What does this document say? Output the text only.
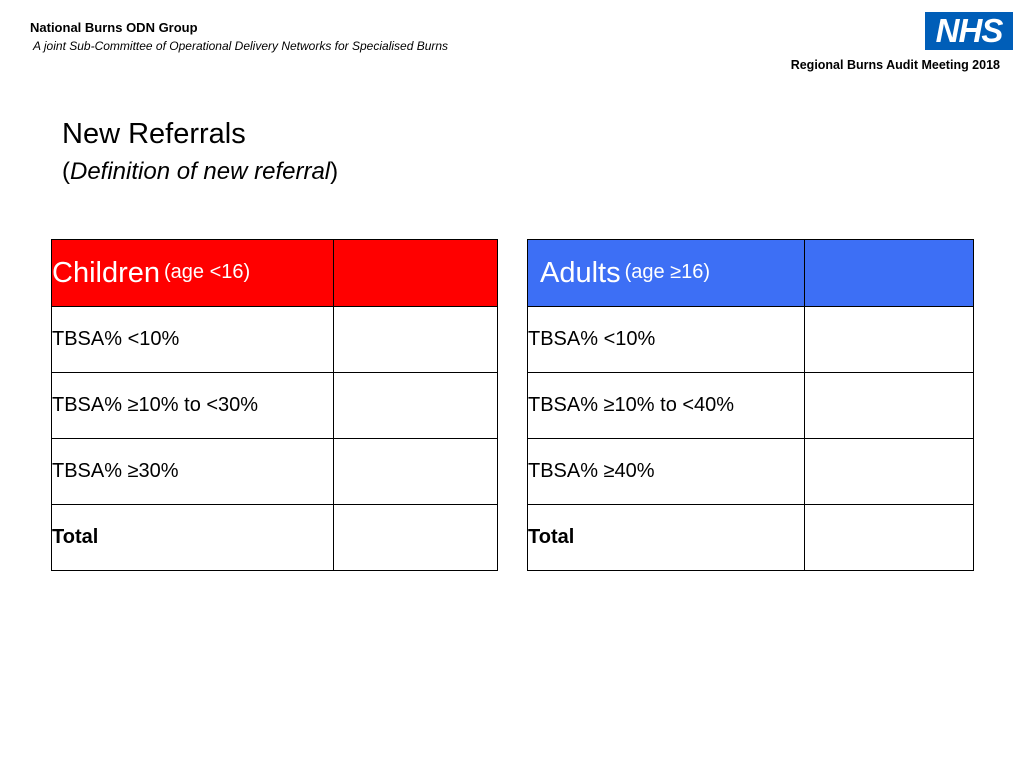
National Burns ODN Group
A joint Sub-Committee of Operational Delivery Networks for Specialised Burns	NHS
Regional Burns Audit Meeting 2018
New Referrals
(Definition of new referral)
Children (age <16)	
TBSA% <10%	
TBSA% ≥10% to <30%	
TBSA% ≥30%	
Total	
Adults (age ≥16)	
TBSA% <10%	
TBSA% ≥10% to <40%	
TBSA% ≥40%	
Total	
